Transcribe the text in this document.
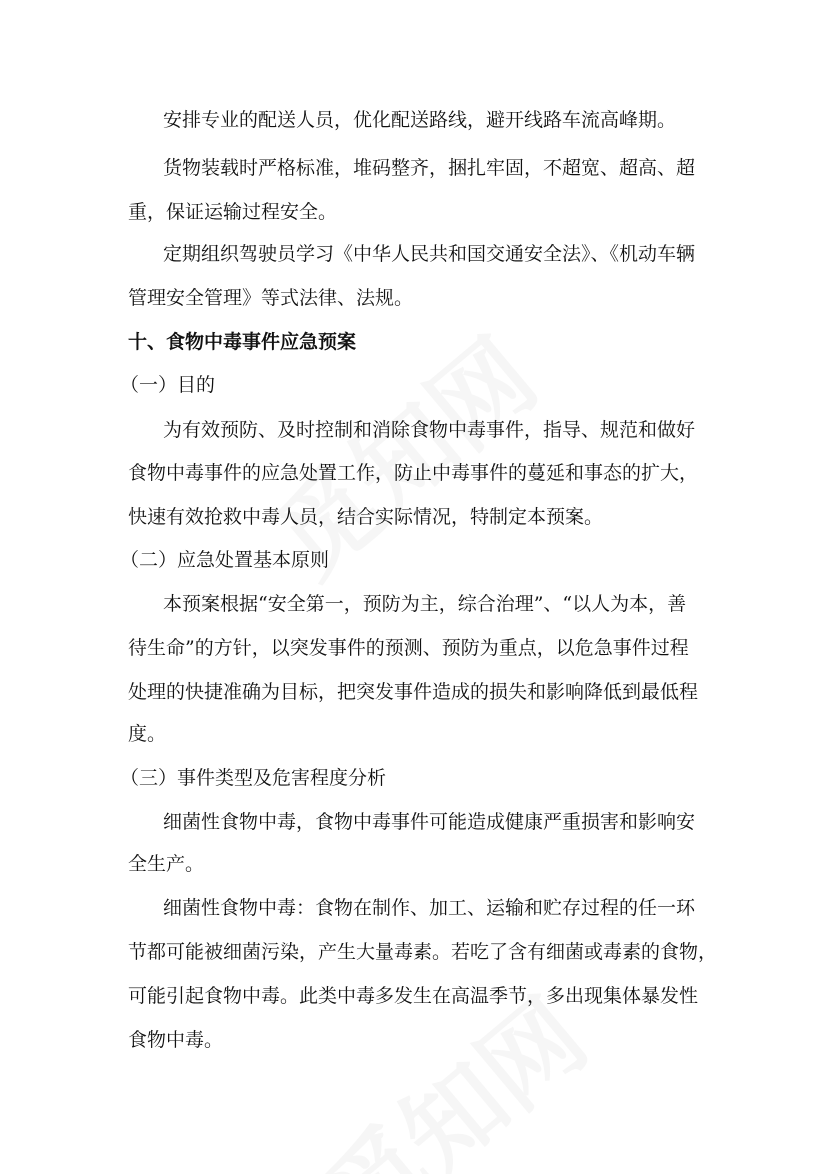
安排专业的配送人员，优化配送路线，避开线路车流高峰期。
货物装载时严格标准，堆码整齐，捆扎牢固，不超宽、超高、超
重，保证运输过程安全。
定期组织驾驶员学习《中华人民共和国交通安全法》、《机动车辆
管理安全管理》等式法律、法规。
十、食物中毒事件应急预案
（一）目的
为有效预防、及时控制和消除食物中毒事件，指导、规范和做好
食物中毒事件的应急处置工作，防止中毒事件的蔓延和事态的扩大，
快速有效抢救中毒人员，结合实际情况，特制定本预案。
（二）应急处置基本原则
本预案根据“安全第一，预防为主，综合治理”、“以人为本，善
待生命”的方针，以突发事件的预测、预防为重点，以危急事件过程
处理的快捷准确为目标，把突发事件造成的损失和影响降低到最低程
度。
（三）事件类型及危害程度分析
细菌性食物中毒，食物中毒事件可能造成健康严重损害和影响安
全生产。
细菌性食物中毒：食物在制作、加工、运输和贮存过程的任一环
节都可能被细菌污染，产生大量毒素。若吃了含有细菌或毒素的食物，
可能引起食物中毒。此类中毒多发生在高温季节，多出现集体暴发性
食物中毒。
